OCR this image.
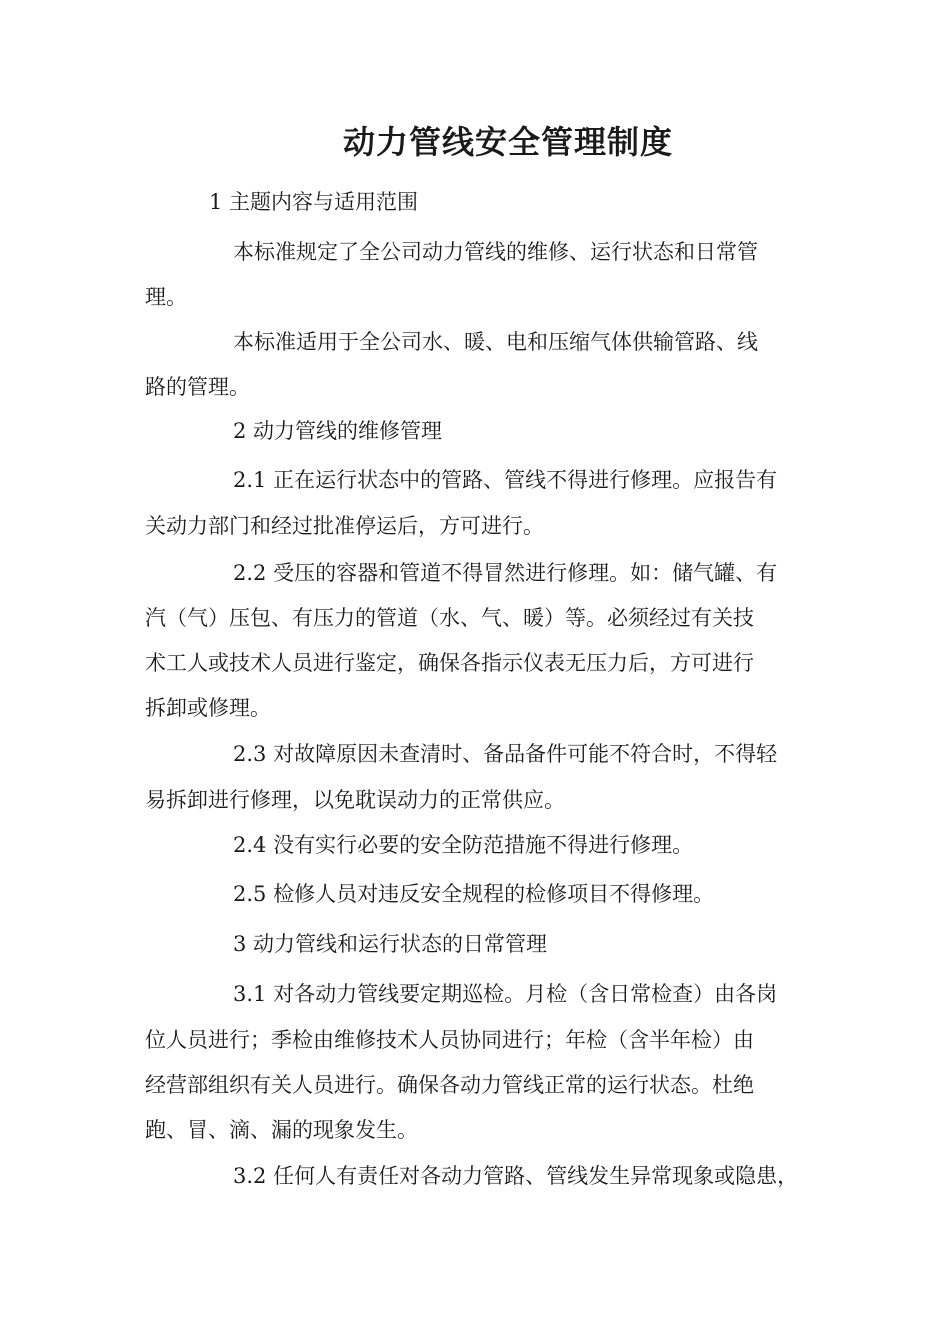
动力管线安全管理制度

1 主题内容与适用范围

本标准规定了全公司动力管线的维修、运行状态和日常管

理。

本标准适用于全公司水、暖、电和压缩气体供输管路、线

路的管理。

2 动力管线的维修管理

2.1 正在运行状态中的管路、管线不得进行修理。应报告有

关动力部门和经过批准停运后，方可进行。

2.2 受压的容器和管道不得冒然进行修理。如：储气罐、有

汽（气）压包、有压力的管道（水、气、暖）等。必须经过有关技

术工人或技术人员进行鉴定，确保各指示仪表无压力后，方可进行

拆卸或修理。

2.3 对故障原因未查清时、备品备件可能不符合时，不得轻

易拆卸进行修理，以免耽误动力的正常供应。

2.4 没有实行必要的安全防范措施不得进行修理。

2.5 检修人员对违反安全规程的检修项目不得修理。

3 动力管线和运行状态的日常管理

3.1 对各动力管线要定期巡检。月检（含日常检查）由各岗

位人员进行；季检由维修技术人员协同进行；年检（含半年检）由

经营部组织有关人员进行。确保各动力管线正常的运行状态。杜绝

跑、冒、滴、漏的现象发生。

3.2 任何人有责任对各动力管路、管线发生异常现象或隐患，
